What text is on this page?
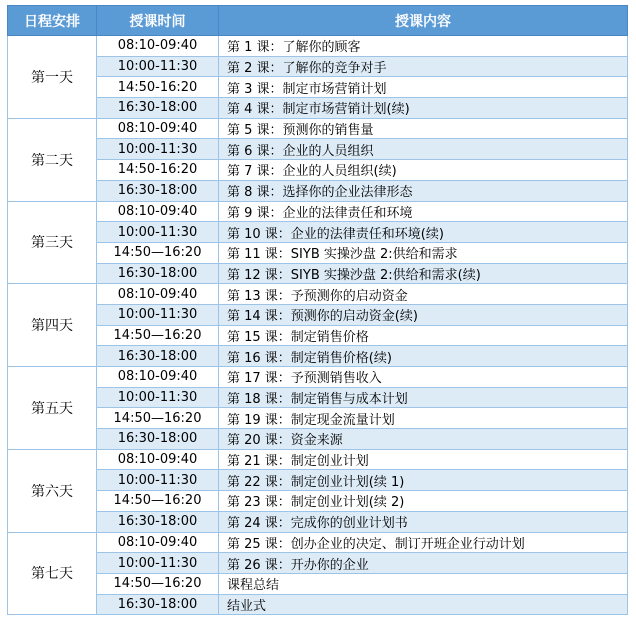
日程安排	授课时间	授课内容
第一天	08:10-09:40	第 1 课：了解你的顾客
	10:00-11:30	第 2 课：了解你的竞争对手
	14:50-16:20	第 3 课：制定市场营销计划
	16:30-18:00	第 4 课：制定市场营销计划(续)
第二天	08:10-09:40	第 5 课：预测你的销售量
	10:00-11:30	第 6 课：企业的人员组织
	14:50-16:20	第 7 课：企业的人员组织(续)
	16:30-18:00	第 8 课：选择你的企业法律形态
第三天	08:10-09:40	第 9 课：企业的法律责任和环境
	10:00-11:30	第 10 课：企业的法律责任和环境(续)
	14:50—16:20	第 11 课：SIYB 实操沙盘 2:供给和需求
	16:30-18:00	第 12 课：SIYB 实操沙盘 2:供给和需求(续)
第四天	08:10-09:40	第 13 课：予预测你的启动资金
	10:00-11:30	第 14 课：预测你的启动资金(续)
	14:50—16:20	第 15 课：制定销售价格
	16:30-18:00	第 16 课：制定销售价格(续)
第五天	08:10-09:40	第 17 课：予预测销售收入
	10:00-11:30	第 18 课：制定销售与成本计划
	14:50—16:20	第 19 课：制定现金流量计划
	16:30-18:00	第 20 课：资金来源
第六天	08:10-09:40	第 21 课：制定创业计划
	10:00-11:30	第 22 课：制定创业计划(续 1)
	14:50—16:20	第 23 课：制定创业计划(续 2)
	16:30-18:00	第 24 课：完成你的创业计划书
第七天	08:10-09:40	第 25 课：创办企业的决定、制订开班企业行动计划
	10:00-11:30	第 26 课：开办你的企业
	14:50—16:20	课程总结
	16:30-18:00	结业式
